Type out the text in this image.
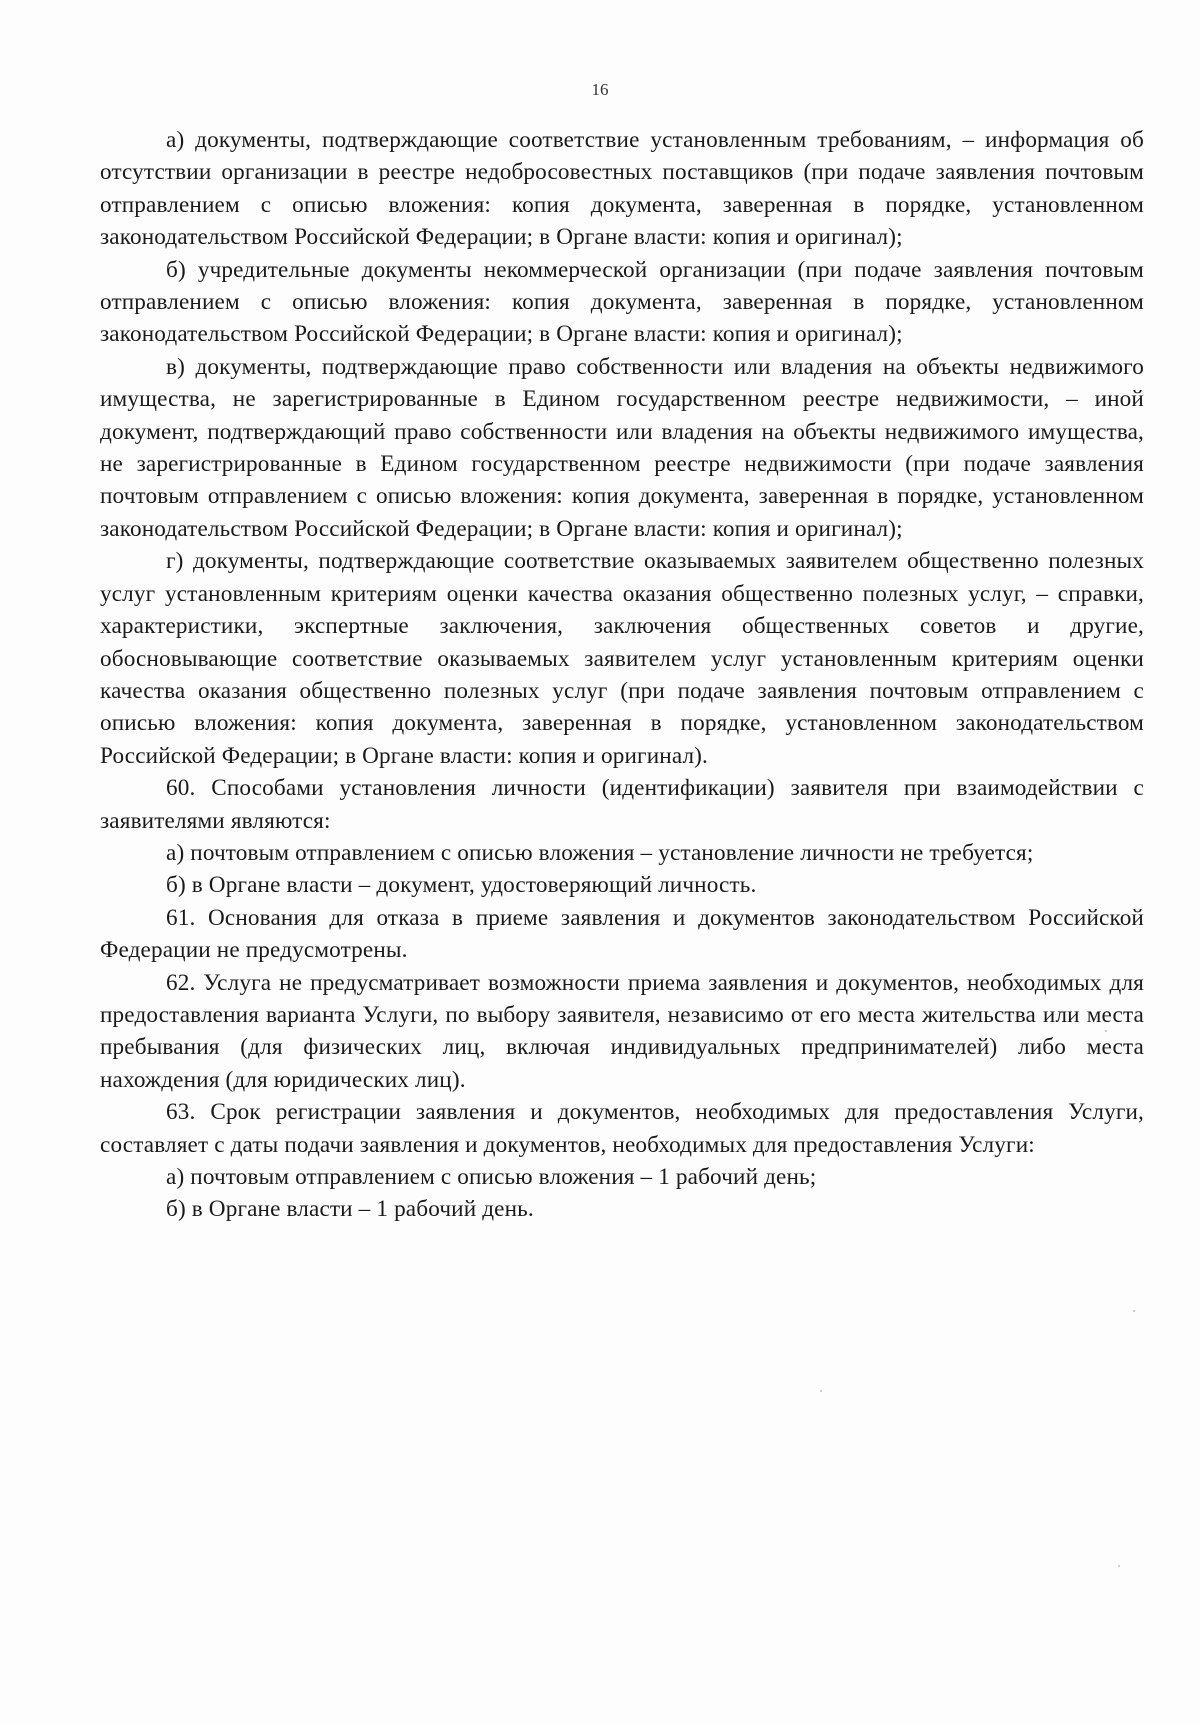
16

а) документы, подтверждающие соответствие установленным требованиям, – информация об отсутствии организации в реестре недобросовестных поставщиков (при подаче заявления почтовым отправлением с описью вложения: копия документа, заверенная в порядке, установленном законодательством Российской Федерации; в Органе власти: копия и оригинал);

б) учредительные документы некоммерческой организации (при подаче заявления почтовым отправлением с описью вложения: копия документа, заверенная в порядке, установленном законодательством Российской Федерации; в Органе власти: копия и оригинал);

в) документы, подтверждающие право собственности или владения на объекты недвижимого имущества, не зарегистрированные в Едином государственном реестре недвижимости, – иной документ, подтверждающий право собственности или владения на объекты недвижимого имущества, не зарегистрированные в Едином государственном реестре недвижимости (при подаче заявления почтовым отправлением с описью вложения: копия документа, заверенная в порядке, установленном законодательством Российской Федерации; в Органе власти: копия и оригинал);

г) документы, подтверждающие соответствие оказываемых заявителем общественно полезных услуг установленным критериям оценки качества оказания общественно полезных услуг, – справки, характеристики, экспертные заключения, заключения общественных советов и другие, обосновывающие соответствие оказываемых заявителем услуг установленным критериям оценки качества оказания общественно полезных услуг (при подаче заявления почтовым отправлением с описью вложения: копия документа, заверенная в порядке, установленном законодательством Российской Федерации; в Органе власти: копия и оригинал).

60. Способами установления личности (идентификации) заявителя при взаимодействии с заявителями являются:

а) почтовым отправлением с описью вложения – установление личности не требуется;

б) в Органе власти – документ, удостоверяющий личность.

61. Основания для отказа в приеме заявления и документов законодательством Российской Федерации не предусмотрены.

62. Услуга не предусматривает возможности приема заявления и документов, необходимых для предоставления варианта Услуги, по выбору заявителя, независимо от его места жительства или места пребывания (для физических лиц, включая индивидуальных предпринимателей) либо места нахождения (для юридических лиц).

63. Срок регистрации заявления и документов, необходимых для предоставления Услуги, составляет с даты подачи заявления и документов, необходимых для предоставления Услуги:

а) почтовым отправлением с описью вложения – 1 рабочий день;

б) в Органе власти – 1 рабочий день.
